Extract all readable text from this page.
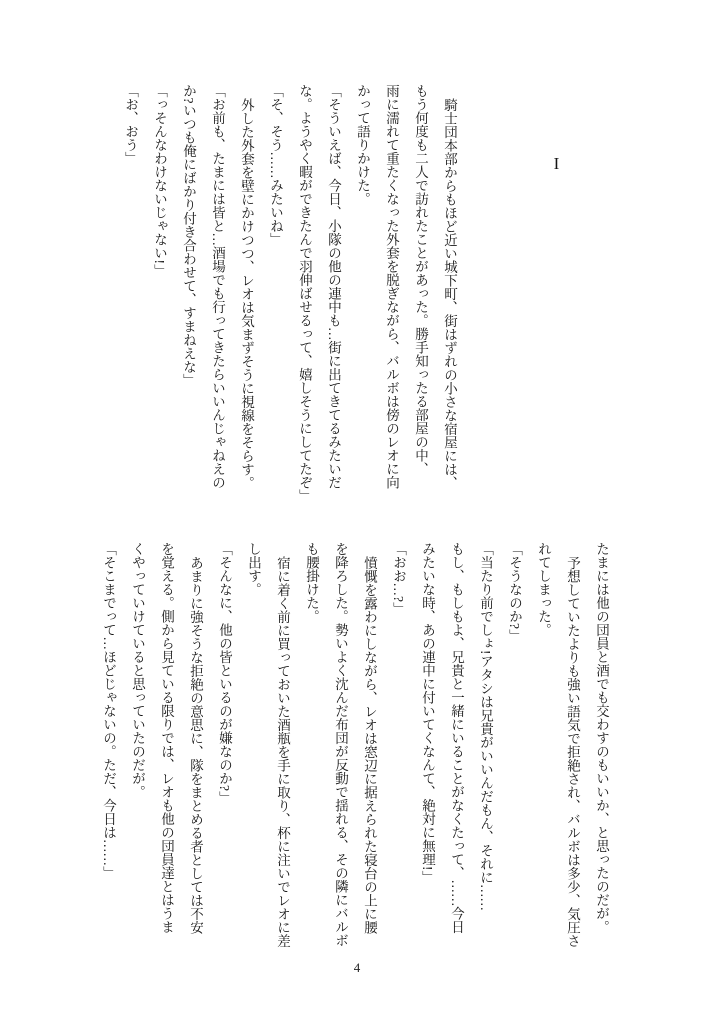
I

騎士団本部からもほど近い城下町、街はずれの小さな宿屋には、

もう何度も二人で訪れたことがあった。勝手知ったる部屋の中、

雨に濡れて重たくなった外套を脱ぎながら、バルボは傍のレオに向

かって語りかけた。

「そういえば、今日、小隊の他の連中も…街に出てきてるみたいだ

な。ようやく暇ができたんで羽伸ばせるって、嬉しそうにしてたぞ」

「そ、そう……みたいね」

外した外套を壁にかけつつ、レオは気まずそうに視線をそらす。

「お前も、たまには皆と…酒場でも行ってきたらいいんじゃねえの

か?いつも俺にばかり付き合わせて、すまねえな」

「っそんなわけないじゃない!」

「お、おう」

たまには他の団員と酒でも交わすのもいいか、と思ったのだが。

予想していたよりも強い語気で拒絶され、バルボは多少、気圧さ

れてしまった。

「そうなのか?」

「当たり前でしょ!アタシは兄貴がいいんだもん、それに……

もし、もしもよ、兄貴と一緒にいることがなくたって、……今日

みたいな時、あの連中に付いてくなんて、絶対に無理!」

「おお…?」

憤慨を露わにしながら、レオは窓辺に据えられた寝台の上に腰

を降ろした。勢いよく沈んだ布団が反動で揺れる、その隣にバルボ

も腰掛けた。

宿に着く前に買っておいた酒瓶を手に取り、杯に注いでレオに差

し出す。

「そんなに、他の皆といるのが嫌なのか?」

あまりに強そうな拒絶の意思に、隊をまとめる者としては不安

を覚える。側から見ている限りでは、レオも他の団員達とはうま

くやっていけていると思っていたのだが。

「そこまでって…ほどじゃないの。ただ、今日は……」

4
